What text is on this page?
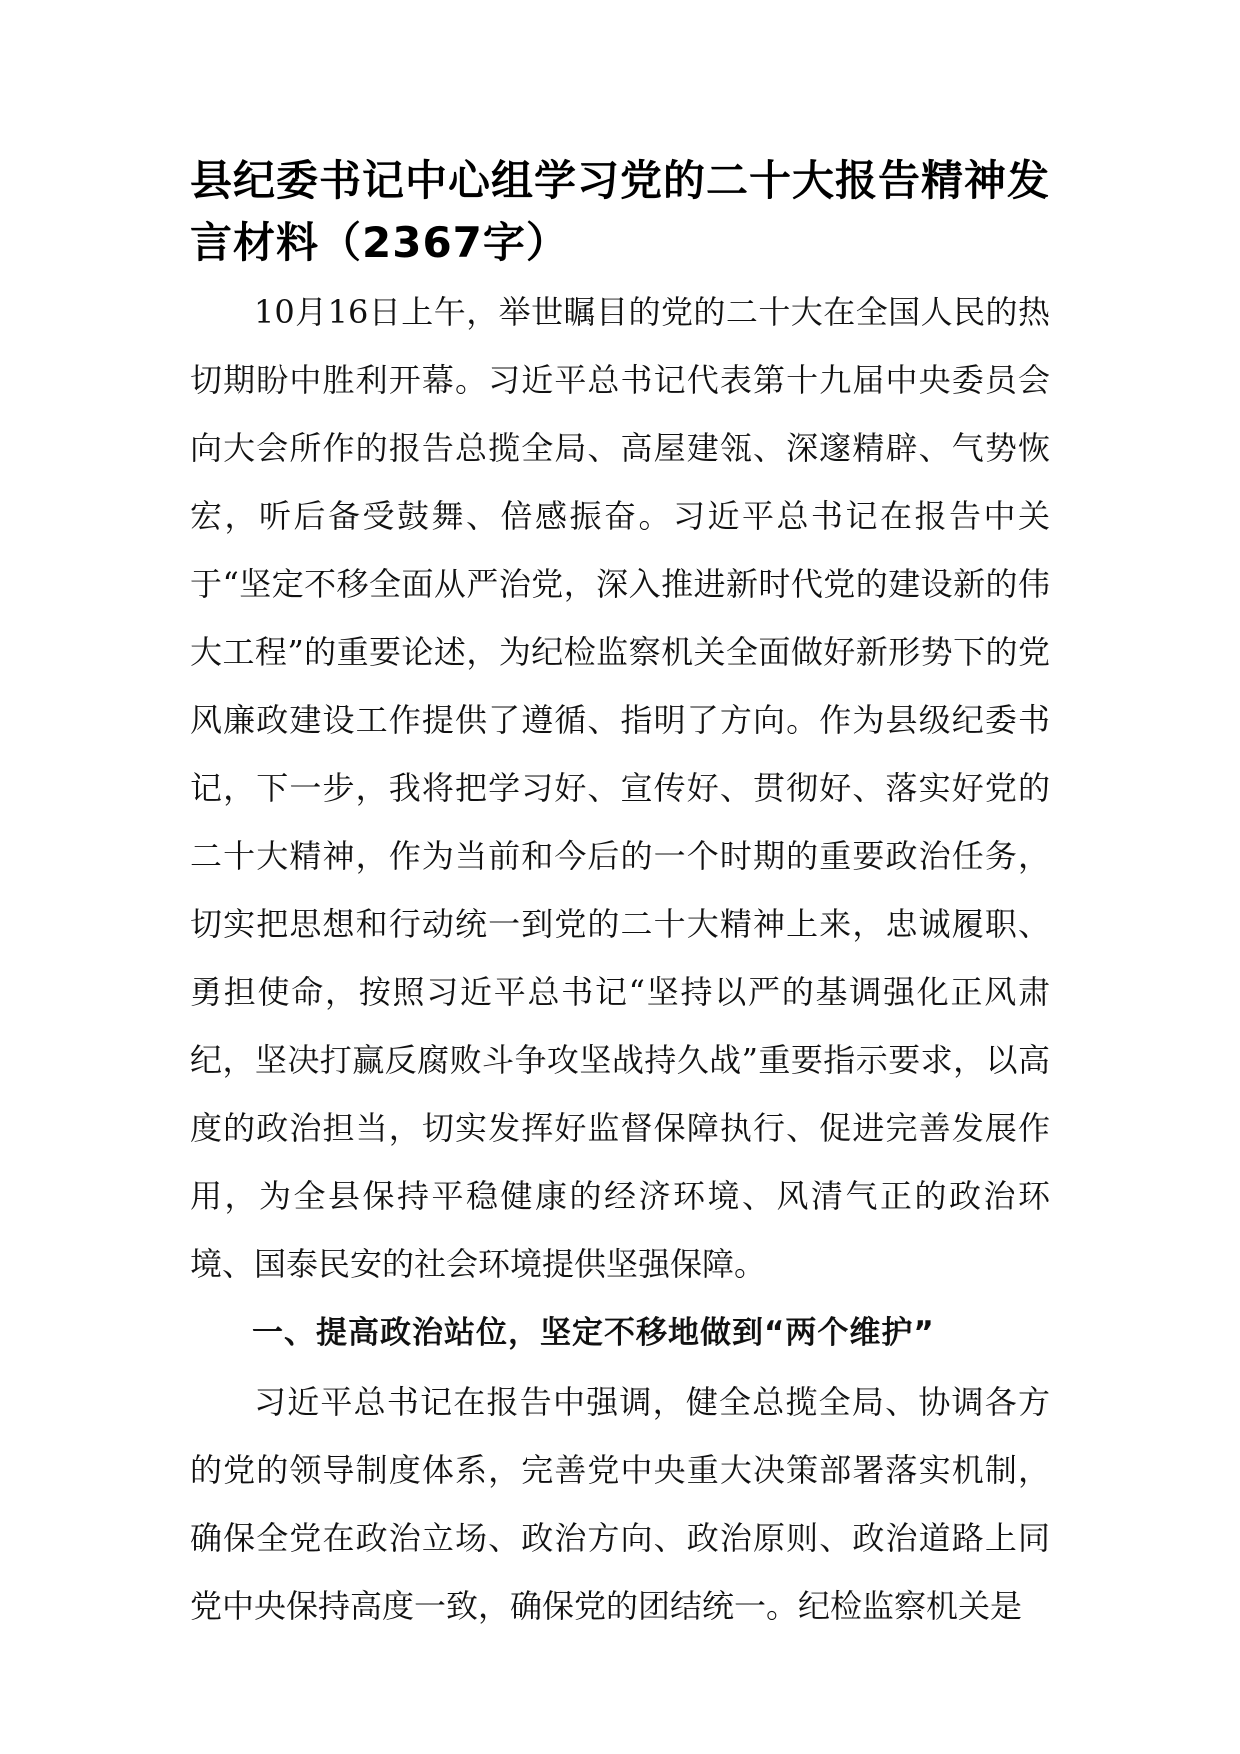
县纪委书记中心组学习党的二十大报告精神发言材料（2367字）

10月16日上午，举世瞩目的党的二十大在全国人民的热切期盼中胜利开幕。习近平总书记代表第十九届中央委员会向大会所作的报告总揽全局、高屋建瓴、深邃精辟、气势恢宏，听后备受鼓舞、倍感振奋。习近平总书记在报告中关于“坚定不移全面从严治党，深入推进新时代党的建设新的伟大工程”的重要论述，为纪检监察机关全面做好新形势下的党风廉政建设工作提供了遵循、指明了方向。作为县级纪委书记，下一步，我将把学习好、宣传好、贯彻好、落实好党的二十大精神，作为当前和今后的一个时期的重要政治任务，切实把思想和行动统一到党的二十大精神上来，忠诚履职、勇担使命，按照习近平总书记“坚持以严的基调强化正风肃纪，坚决打赢反腐败斗争攻坚战持久战”重要指示要求，以高度的政治担当，切实发挥好监督保障执行、促进完善发展作用，为全县保持平稳健康的经济环境、风清气正的政治环境、国泰民安的社会环境提供坚强保障。

一、提高政治站位，坚定不移地做到“两个维护”

习近平总书记在报告中强调，健全总揽全局、协调各方的党的领导制度体系，完善党中央重大决策部署落实机制，确保全党在政治立场、政治方向、政治原则、政治道路上同党中央保持高度一致，确保党的团结统一。纪检监察机关是
